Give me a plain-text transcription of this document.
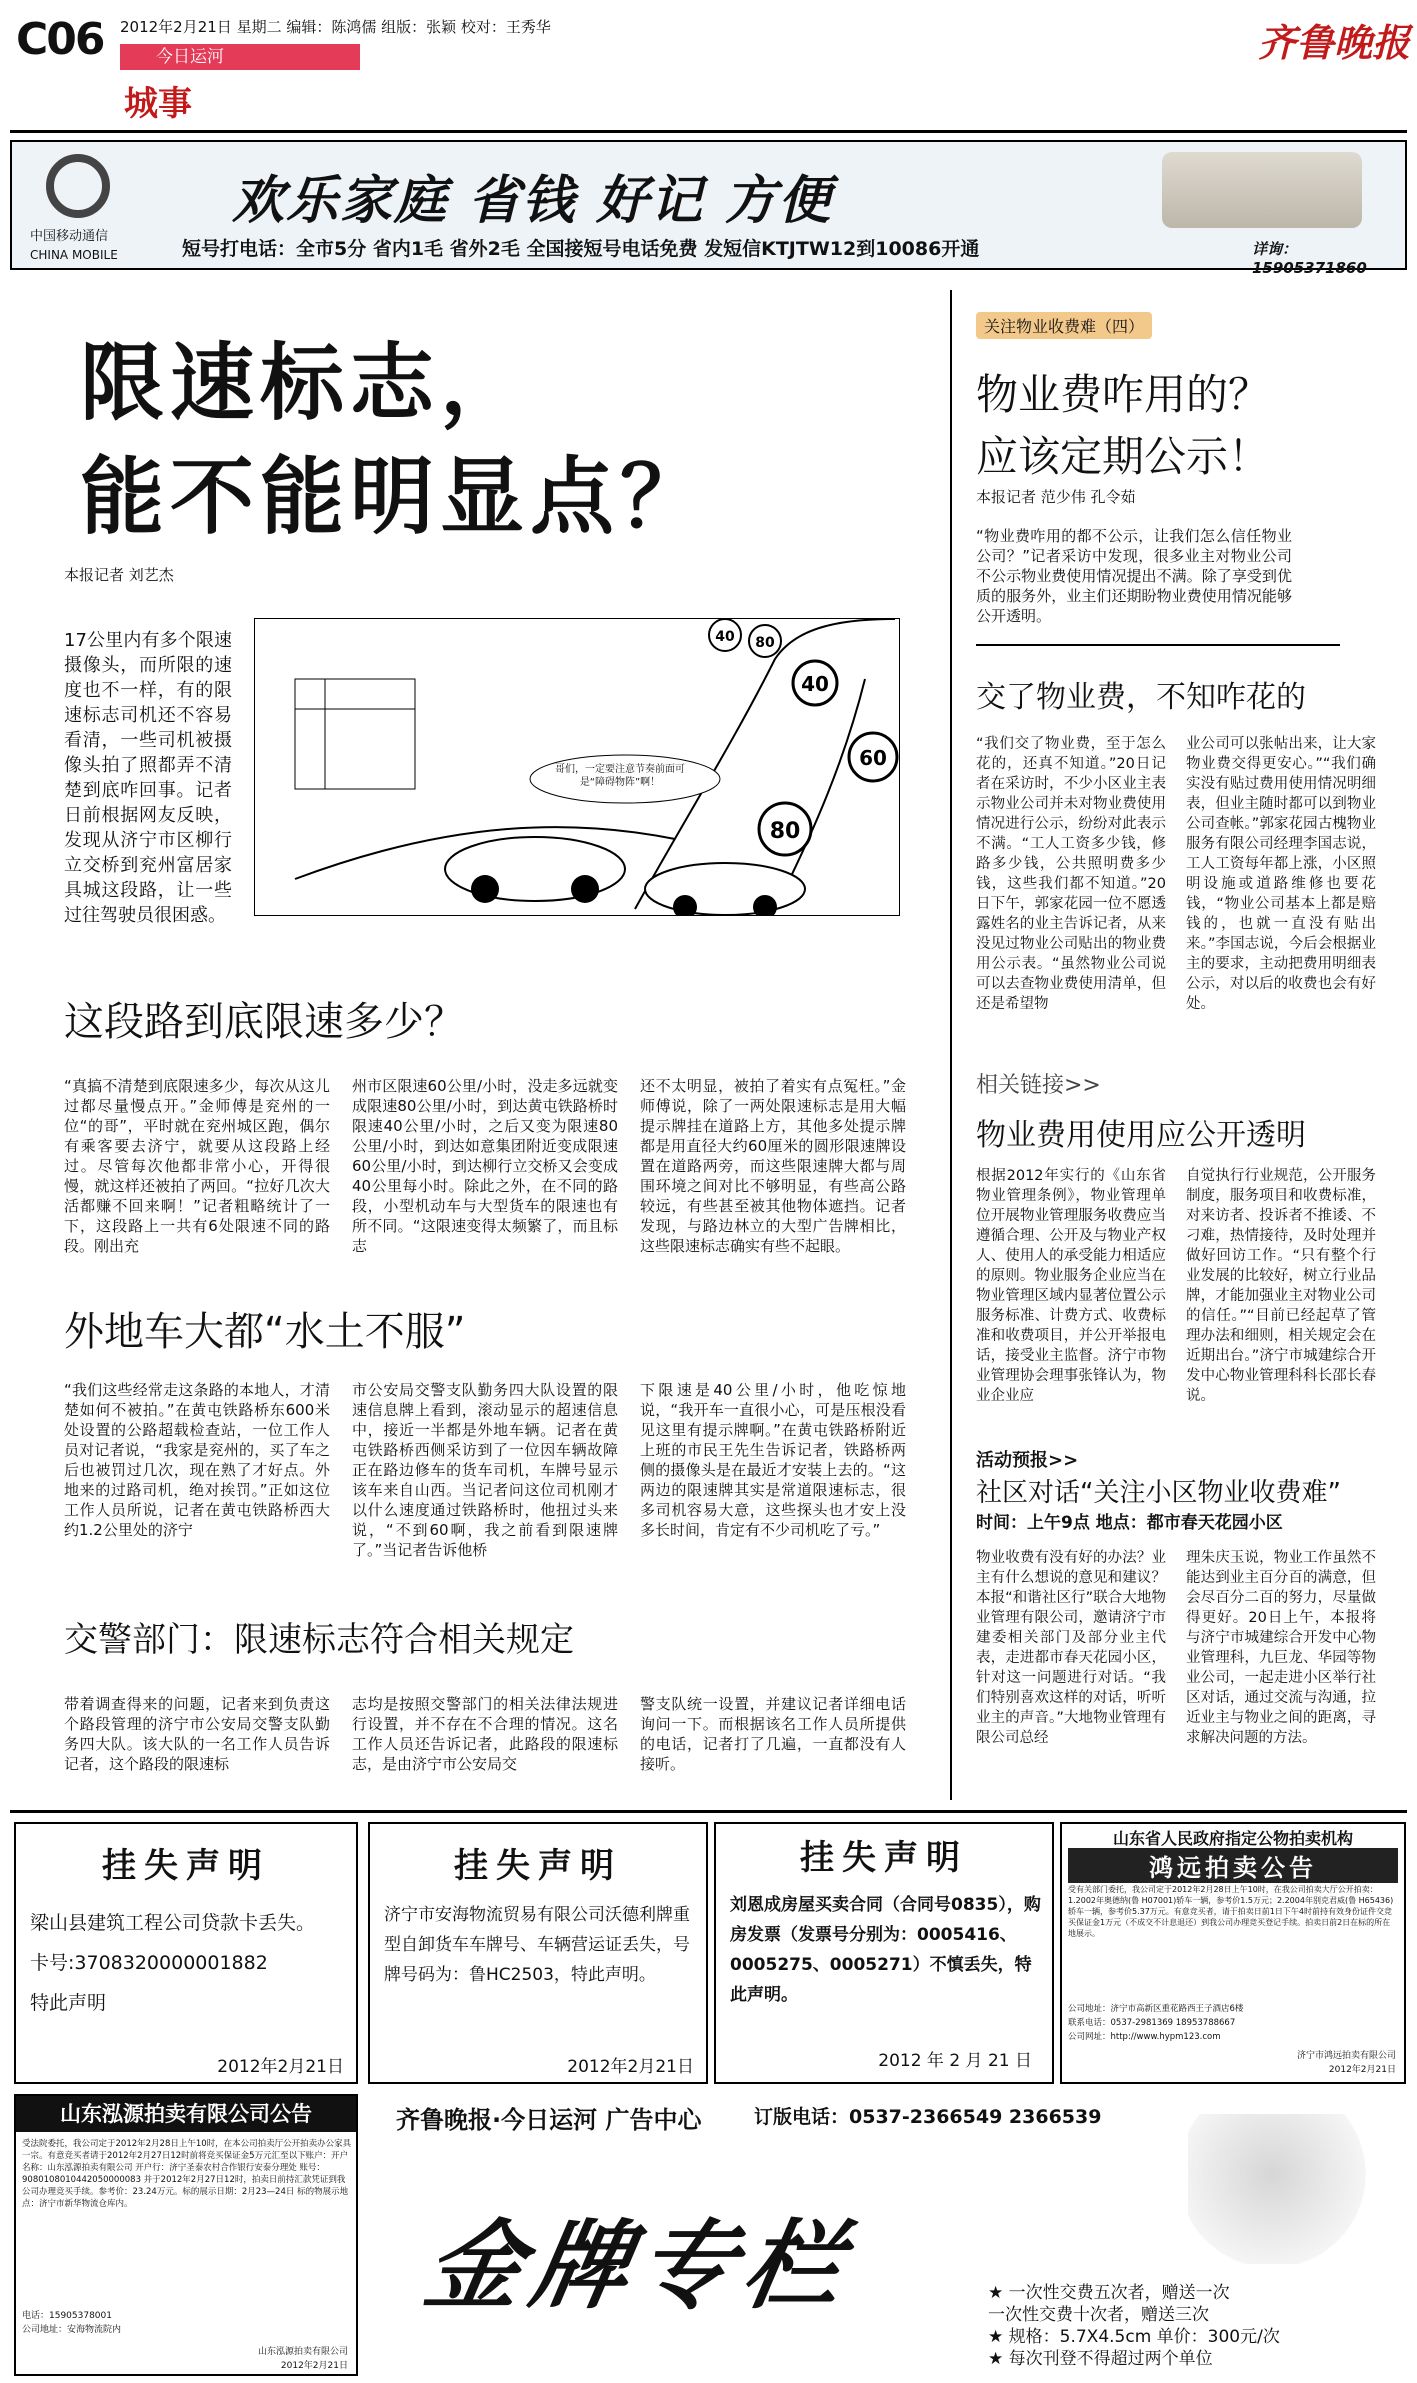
C06 2012年2月21日 星期二 编辑：陈鸿儒 组版：张颖 校对：王秀华
今日运河
城事
齐鲁晚报
中国移动通信
CHINA MOBILE
欢乐家庭 省钱 好记 方便
短号打电话：全市5分 省内1毛 省外2毛 全国接短号电话免费 发短信KTJTW12到10086开通	详询：15905371860
限速标志，
能不能明显点？
本报记者 刘艺杰
17公里内有多个限速摄像头，而所限的速度也不一样，有的限速标志司机还不容易看清，一些司机被摄像头拍了照都弄不清楚到底咋回事。记者日前根据网友反映，发现从济宁市区柳行立交桥到兖州富居家具城这段路，让一些过往驾驶员很困惑。
40 80
40
60
80
哥们，一定要注意节奏前面可是“障碍物阵”啊！
这段路到底限速多少？
“真搞不清楚到底限速多少，每次从这儿过都尽量慢点开。”金师傅是兖州的一位“的哥”，平时就在兖州城区跑，偶尔有乘客要去济宁，就要从这段路上经过。尽管每次他都非常小心，开得很慢，就这样还被拍了两回。“拉好几次大活都赚不回来啊！”记者粗略统计了一下，这段路上一共有6处限速不同的路段。刚出充
州市区限速60公里/小时，没走多远就变成限速80公里/小时，到达黄屯铁路桥时限速40公里/小时，之后又变为限速80公里/小时，到达如意集团附近变成限速60公里/小时，到达柳行立交桥又会变成40公里每小时。除此之外，在不同的路段，小型机动车与大型货车的限速也有所不同。“这限速变得太频繁了，而且标志
还不太明显，被拍了着实有点冤枉。”金师傅说，除了一两处限速标志是用大幅提示牌挂在道路上方，其他多处提示牌都是用直径大约60厘米的圆形限速牌设置在道路两旁，而这些限速牌大都与周围环境之间对比不够明显，有些高公路较远，有些甚至被其他物体遮挡。记者发现，与路边林立的大型广告牌相比，这些限速标志确实有些不起眼。
外地车大都“水土不服”
“我们这些经常走这条路的本地人，才清楚如何不被拍。”在黄屯铁路桥东600米处设置的公路超载检查站，一位工作人员对记者说，“我家是兖州的，买了车之后也被罚过几次，现在熟了才好点。外地来的过路司机，绝对挨罚。”正如这位工作人员所说，记者在黄屯铁路桥西大约1.2公里处的济宁
市公安局交警支队勤务四大队设置的限速信息牌上看到，滚动显示的超速信息中，接近一半都是外地车辆。记者在黄屯铁路桥西侧采访到了一位因车辆故障正在路边修车的货车司机，车牌号显示该车来自山西。当记者问这位司机刚才以什么速度通过铁路桥时，他扭过头来说，“不到60啊，我之前看到限速牌了。”当记者告诉他桥
下限速是40公里/小时，他吃惊地说，“我开车一直很小心，可是压根没看见这里有提示牌啊。”在黄屯铁路桥附近上班的市民王先生告诉记者，铁路桥两侧的摄像头是在最近才安装上去的。“这两边的限速牌其实是常道限速标志，很多司机容易大意，这些探头也才安上没多长时间，肯定有不少司机吃了亏。”
交警部门：限速标志符合相关规定
带着调查得来的问题，记者来到负责这个路段管理的济宁市公安局交警支队勤务四大队。该大队的一名工作人员告诉记者，这个路段的限速标
志均是按照交警部门的相关法律法规进行设置，并不存在不合理的情况。这名工作人员还告诉记者，此路段的限速标志，是由济宁市公安局交
警支队统一设置，并建议记者详细电话询问一下。而根据该名工作人员所提供的电话，记者打了几遍，一直都没有人接听。
关注物业收费难（四）
物业费咋用的？
应该定期公示！
本报记者 范少伟 孔令茹
“物业费咋用的都不公示，让我们怎么信任物业公司？”记者采访中发现，很多业主对物业公司不公示物业费使用情况提出不满。除了享受到优质的服务外，业主们还期盼物业费使用情况能够公开透明。
交了物业费，不知咋花的
“我们交了物业费，至于怎么花的，还真不知道。”20日记者在采访时，不少小区业主表示物业公司并未对物业费使用情况进行公示，纷纷对此表示不满。“工人工资多少钱，修路多少钱，公共照明费多少钱，这些我们都不知道。”20日下午，郭家花园一位不愿透露姓名的业主告诉记者，从来没见过物业公司贴出的物业费用公示表。“虽然物业公司说可以去查物业费使用清单，但还是希望物
业公司可以张帖出来，让大家物业费交得更安心。”“我们确实没有贴过费用使用情况明细表，但业主随时都可以到物业公司查帐。”郭家花园古槐物业服务有限公司经理李国志说，工人工资每年都上涨，小区照明设施或道路维修也要花钱，“物业公司基本上都是赔钱的，也就一直没有贴出来。”李国志说，今后会根据业主的要求，主动把费用明细表公示，对以后的收费也会有好处。
相关链接>>
物业费用使用应公开透明
根据2012年实行的《山东省物业管理条例》，物业管理单位开展物业管理服务收费应当遵循合理、公开及与物业产权人、使用人的承受能力相适应的原则。物业服务企业应当在物业管理区域内显著位置公示服务标准、计费方式、收费标准和收费项目，并公开举报电话，接受业主监督。济宁市物业管理协会理事张锋认为，物业企业应
自觉执行行业规范，公开服务制度，服务项目和收费标准，对来访者、投诉者不推诿、不刁难，热情接待，及时处理并做好回访工作。“只有整个行业发展的比较好，树立行业品牌，才能加强业主对物业公司的信任。”“目前已经起草了管理办法和细则，相关规定会在近期出台。”济宁市城建综合开发中心物业管理科科长邵长春说。
活动预报>>
社区对话“关注小区物业收费难”
时间：上午9点 地点：都市春天花园小区
物业收费有没有好的办法？业主有什么想说的意见和建议？本报“和谐社区行”联合大地物业管理有限公司，邀请济宁市建委相关部门及部分业主代表，走进都市春天花园小区，针对这一问题进行对话。“我们特别喜欢这样的对话，听听业主的声音。”大地物业管理有限公司总经
理朱庆玉说，物业工作虽然不能达到业主百分百的满意，但会尽百分二百的努力，尽量做得更好。20日上午，本报将与济宁市城建综合开发中心物业管理科，九巨龙、华园等物业公司，一起走进小区举行社区对话，通过交流与沟通，拉近业主与物业之间的距离，寻求解决问题的方法。
挂失声明
梁山县建筑工程公司贷款卡丢失。
卡号:3708320000001882
特此声明
2012年2月21日
挂失声明
济宁市安海物流贸易有限公司沃德利牌重型自卸货车车牌号、车辆营运证丢失，号牌号码为：鲁HC2503，特此声明。
2012年2月21日
挂失声明
刘恩成房屋买卖合同（合同号0835），购房发票（发票号分别为：0005416、0005275、0005271）不慎丢失，特此声明。
2012 年 2 月 21 日
山东省人民政府指定公物拍卖机构
鸿远拍卖公告
受有关部门委托，我公司定于2012年2月28日上午10时，在我公司拍卖大厅公开拍卖：1.2002年奥德纳(鲁 H07001)轿车一辆，参考价1.5万元；2.2004年别克君威(鲁 H65436)轿车一辆，参考价5.37万元。有意竞买者，请于拍卖日前1日下午4时前持有效身份证件交竞买保证金1万元（不成交不计息退还）到我公司办理竞买登记手续。拍卖日前2日在标的所在地展示。
公司地址：济宁市高新区重花路西王子酒店6楼
联系电话：0537-2981369 18953788667
公司网址：http://www.hypm123.com
济宁市鸿远拍卖有限公司
2012年2月21日
山东泓源拍卖有限公司公告
受法院委托，我公司定于2012年2月28日上午10时，在本公司拍卖厅公开拍卖办公家具一宗。有意竞买者请于2012年2月27日12时前将竞买保证金5万元汇至以下账户：开户名称：山东泓源拍卖有限公司 开户行：济宁圣泰农村合作银行安泰分理处 账号：9080108010442050000083 并于2012年2月27日12时，拍卖日前持汇款凭证到我公司办理竞买手续。参考价：23.24万元。标的展示日期：2月23—24日 标的物展示地点：济宁市新华物流仓库内。
电话：15905378001
公司地址：安海物流院内
山东泓源拍卖有限公司
2012年2月21日
齐鲁晚报·今日运河 广告中心	订版电话：0537-2366549 2366539
金牌专栏	★ 一次性交费五次者，赠送一次
一次性交费十次者，赠送三次
★ 规格：5.7X4.5cm 单价：300元/次
★ 每次刊登不得超过两个单位
